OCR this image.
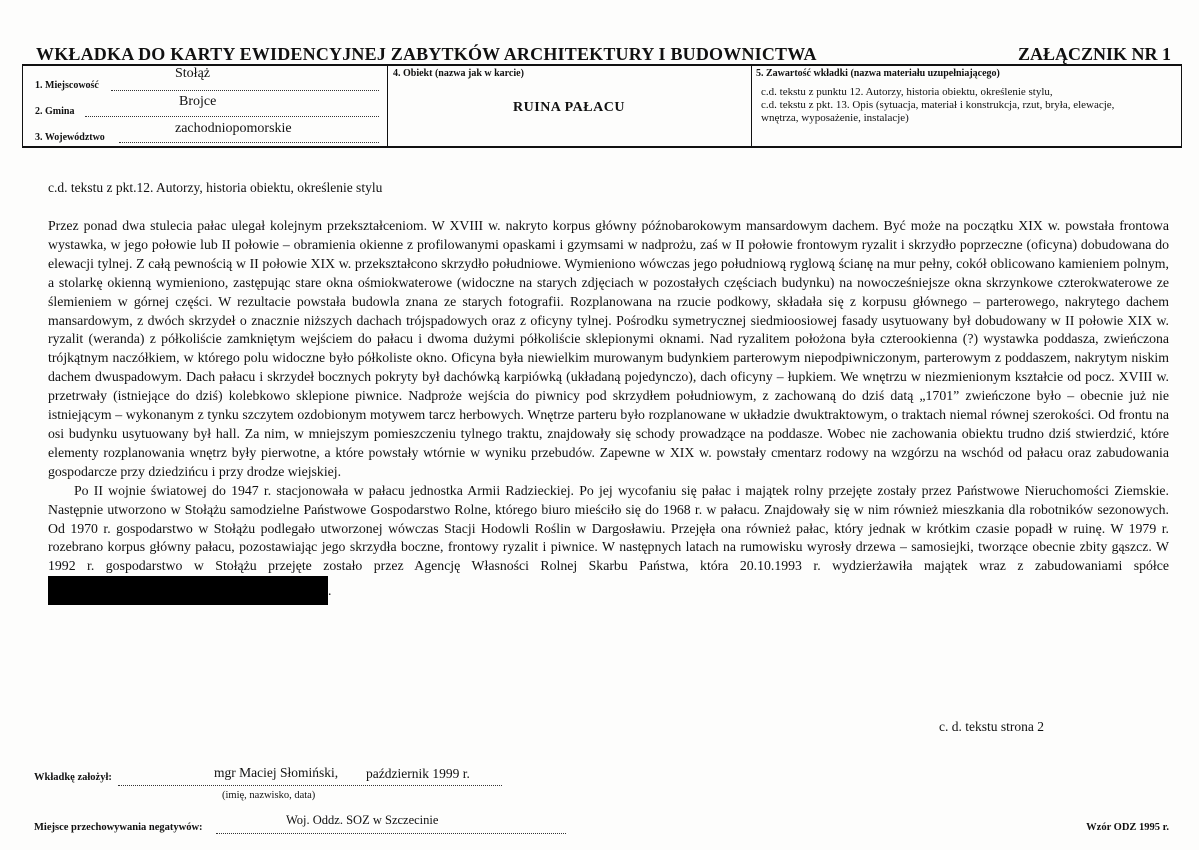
WKŁADKA DO KARTY EWIDENCYJNEJ ZABYTKÓW ARCHITEKTURY I BUDOWNICTWA	ZAŁĄCZNIK NR 1
1. Miejscowość
Stołąż
2. Gmina
Brojce
3. Województwo
zachodniopomorskie
4. Obiekt (nazwa jak w karcie)
RUINA PAŁACU
5. Zawartość wkładki (nazwa materiału uzupełniającego)
c.d. tekstu z punktu 12. Autorzy, historia obiektu, określenie stylu,
c.d. tekstu z pkt. 13. Opis (sytuacja, materiał i konstrukcja, rzut, bryła, elewacje,
wnętrza, wyposażenie, instalacje)
c.d. tekstu z pkt.12. Autorzy, historia obiektu, określenie stylu

Przez ponad dwa stulecia pałac ulegał kolejnym przekształceniom. W XVIII w. nakryto korpus główny późnobarokowym mansardowym dachem. Być może na początku XIX w. powstała frontowa wystawka, w jego połowie lub II połowie – obramienia okienne z profilowanymi opaskami i gzymsami w nadprożu, zaś w II połowie frontowym ryzalit i skrzydło poprzeczne (oficyna) dobudowana do elewacji tylnej. Z całą pewnością w II połowie XIX w. przekształcono skrzydło południowe. Wymieniono wówczas jego południową ryglową ścianę na mur pełny, cokół oblicowano kamieniem polnym, a stolarkę okienną wymieniono, zastępując stare okna ośmiokwaterowe (widoczne na starych zdjęciach w pozostałych częściach budynku) na nowocześniejsze okna skrzynkowe czterokwaterowe ze ślemieniem w górnej części. W rezultacie powstała budowla znana ze starych fotografii. Rozplanowana na rzucie podkowy, składała się z korpusu głównego – parterowego, nakrytego dachem mansardowym, z dwóch skrzydeł o znacznie niższych dachach trójspadowych oraz z oficyny tylnej. Pośrodku symetrycznej siedmioosiowej fasady usytuowany był dobudowany w II połowie XIX w. ryzalit (weranda) z półkoliście zamkniętym wejściem do pałacu i dwoma dużymi półkoliście sklepionymi oknami. Nad ryzalitem położona była czterookienna (?) wystawka poddasza, zwieńczona trójkątnym naczółkiem, w którego polu widoczne było półkoliste okno. Oficyna była niewielkim murowanym budynkiem parterowym niepodpiwniczonym, parterowym z poddaszem, nakrytym niskim dachem dwuspadowym. Dach pałacu i skrzydeł bocznych pokryty był dachówką karpiówką (układaną pojedynczo), dach oficyny – łupkiem. We wnętrzu w niezmienionym kształcie od pocz. XVIII w. przetrwały (istniejące do dziś) kolebkowo sklepione piwnice. Nadproże wejścia do piwnicy pod skrzydłem południowym, z zachowaną do dziś datą „1701” zwieńczone było – obecnie już nie istniejącym – wykonanym z tynku szczytem ozdobionym motywem tarcz herbowych. Wnętrze parteru było rozplanowane w układzie dwuktraktowym, o traktach niemal równej szerokości. Od frontu na osi budynku usytuowany był hall. Za nim, w mniejszym pomieszczeniu tylnego traktu, znajdowały się schody prowadzące na poddasze. Wobec nie zachowania obiektu trudno dziś stwierdzić, które elementy rozplanowania wnętrz były pierwotne, a które powstały wtórnie w wyniku przebudów. Zapewne w XIX w. powstały cmentarz rodowy na wzgórzu na wschód od pałacu oraz zabudowania gospodarcze przy dziedzińcu i przy drodze wiejskiej.

Po II wojnie światowej do 1947 r. stacjonowała w pałacu jednostka Armii Radzieckiej. Po jej wycofaniu się pałac i majątek rolny przejęte zostały przez Państwowe Nieruchomości Ziemskie. Następnie utworzono w Stołążu samodzielne Państwowe Gospodarstwo Rolne, którego biuro mieściło się do 1968 r. w pałacu. Znajdowały się w nim również mieszkania dla robotników sezonowych. Od 1970 r. gospodarstwo w Stołążu podlegało utworzonej wówczas Stacji Hodowli Roślin w Dargosławiu. Przejęła ona również pałac, który jednak w krótkim czasie popadł w ruinę. W 1979 r. rozebrano korpus główny pałacu, pozostawiając jego skrzydła boczne, frontowy ryzalit i piwnice. W następnych latach na rumowisku wyrosły drzewa – samosiejki, tworzące obecnie zbity gąszcz. W 1992 r. gospodarstwo w Stołążu przejęte zostało przez Agencję Własności Rolnej Skarbu Państwa, która 20.10.1993 r. wydzierżawiła majątek wraz z zabudowaniami spółce .

c. d. tekstu strona 2
Wkładkę założył:	mgr Maciej Słomiński, październik 1999 r.
(imię, nazwisko, data)
Miejsce przechowywania negatywów:
Woj. Oddz. SOZ w Szczecinie
Wzór ODZ 1995 r.
